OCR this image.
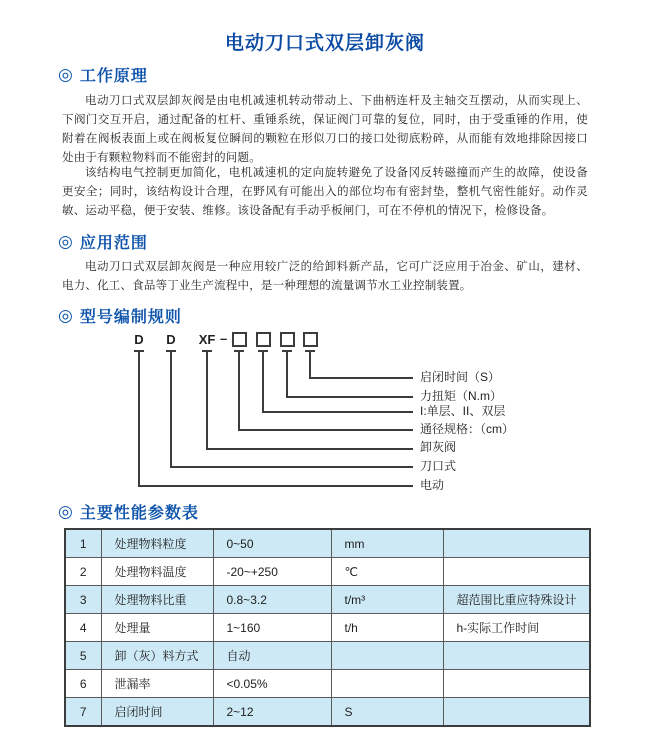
电动刀口式双层卸灰阀
◎ 工作原理

电动刀口式双层卸灰阀是由电机减速机转动带动上、下曲柄连杆及主轴交互摆动，从而实现上、下阀门交互开启，通过配备的杠杆、重锤系统，保证阀门可靠的复位，同时，由于受重锤的作用，使附着在阀板表面上或在阀板复位瞬间的颗粒在形似刀口的接口处彻底粉碎，从而能有效地排除因接口处由于有颗粒物料而不能密封的问题。

该结构电气控制更加简化，电机减速机的定向旋转避免了设备冈反转磁撞而产生的故障，使设备更安全；同时，该结构设计合理，在野风有可能出入的部位均布有密封垫，整机气密性能好。动作灵敏、运动平稳，便于安装、维修。该设备配有手动乎板闸门，可在不停机的情况下，检修设备。

◎ 应用范围

电动刀口式双层卸灰阀是一种应用较广泛的给卸料新产品，它可广泛应用于冶金、矿山，建材、电力、化工、食品等丁业生产流程中，是一种理想的流量调节水工业控制装置。

◎ 型号编制规则
D	D	XF –
启闭时间（S）
力扭矩（N.m）
I:单层、II、双层
通径规格：（cm）
卸灰阀
刀口式
电动
◎ 主要性能参数表
1	处理物料粒度	0~50	mm	
2	处理物料温度	-20~+250	℃	
3	处理物料比重	0.8~3.2	t/m³	超范围比重应特殊设计
4	处理量	1~160	t/h	h-实际工作时间
5	卸（灰）料方式	自动		
6	泄漏率	<0.05%		
7	启闭时间	2~12	S	
